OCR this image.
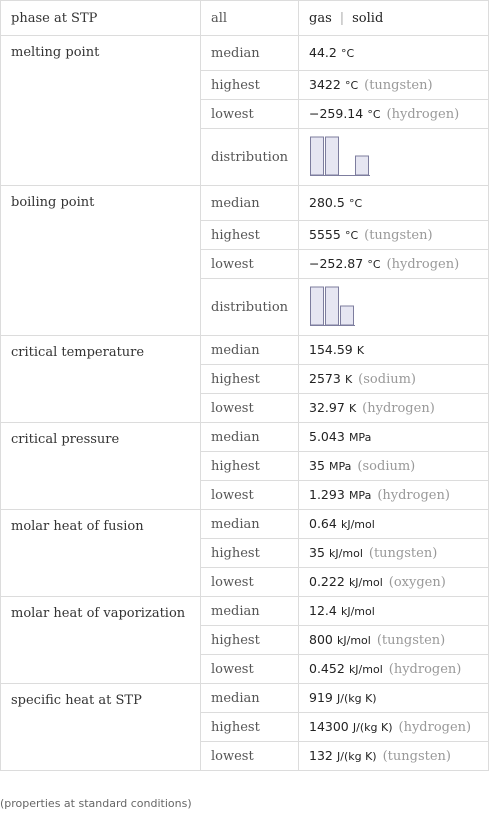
phase at STP	all	gas | solid
melting point	median	44.2 °C
	highest	3422 °C (tungsten)
	lowest	−259.14 °C (hydrogen)
	distribution	

boiling point	median	280.5 °C
	highest	5555 °C (tungsten)
	lowest	−252.87 °C (hydrogen)
	distribution	

critical temperature	median	154.59 K
	highest	2573 K (sodium)
	lowest	32.97 K (hydrogen)
critical pressure	median	5.043 MPa
	highest	35 MPa (sodium)
	lowest	1.293 MPa (hydrogen)
molar heat of fusion	median	0.64 kJ/mol
	highest	35 kJ/mol (tungsten)
	lowest	0.222 kJ/mol (oxygen)
molar heat of vaporization	median	12.4 kJ/mol
	highest	800 kJ/mol (tungsten)
	lowest	0.452 kJ/mol (hydrogen)
specific heat at STP	median	919 J/(kg K)
	highest	14300 J/(kg K) (hydrogen)
	lowest	132 J/(kg K) (tungsten)
(properties at standard conditions)
